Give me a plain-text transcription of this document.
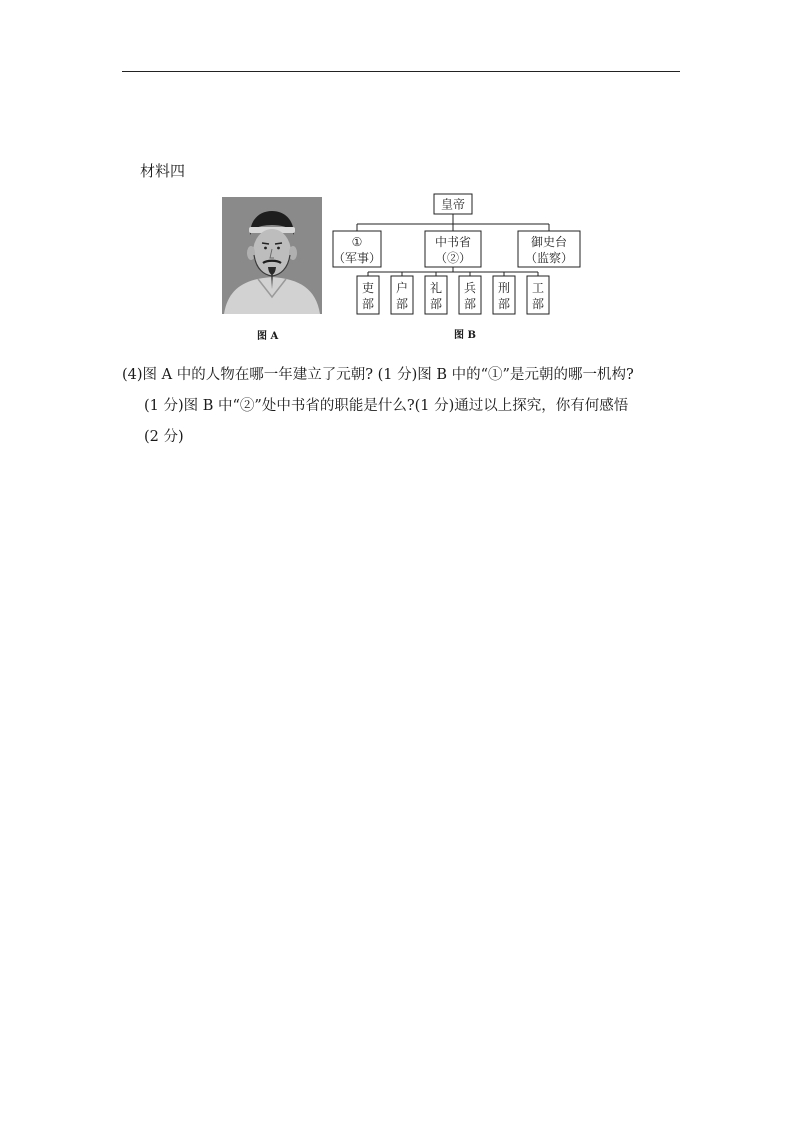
材料四
图 A
皇帝
①
（军事）
中书省
（②）
御史台
（监察）
吏
部
户
部
礼
部
兵
部
刑
部
工
部
图 B

(4)图 A 中的人物在哪一年建立了元朝? (1 分)图 B 中的“①”是元朝的哪一机构?

(1 分)图 B 中“②”处中书省的职能是什么?(1 分)通过以上探究，你有何感悟

(2 分)
